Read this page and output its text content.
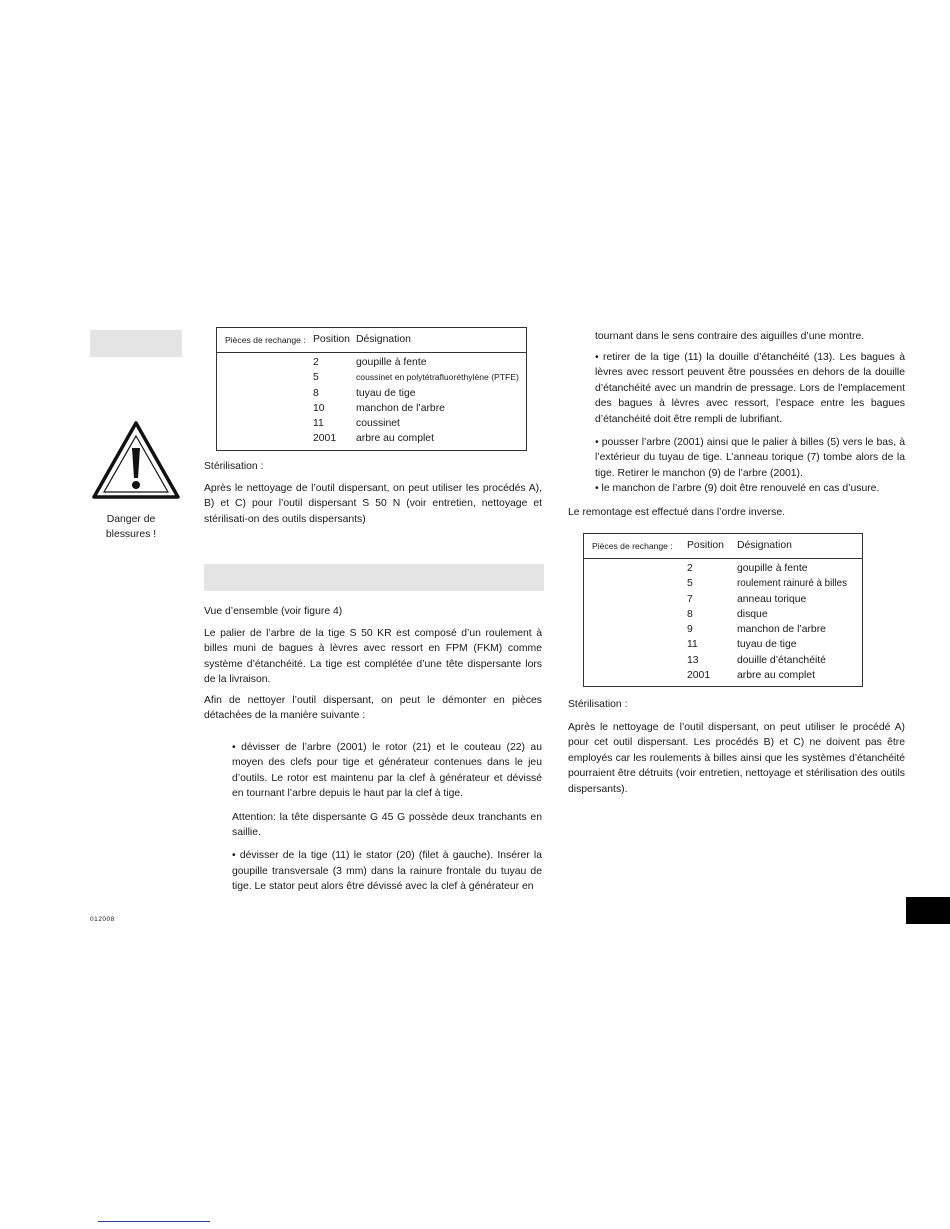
Danger de
blessures !
012008
Pièces de rechange : Position Désignation
2	goupille à fente
5	coussinet en polytétrafluoréthylène (PTFE)
8	tuyau de tige
10	manchon de l’arbre
11	coussinet
2001 arbre au complet

Stérilisation :

Après le nettoyage de l’outil dispersant, on peut utiliser les procédés A), B) et C) pour l’outil dispersant S 50 N (voir entretien, nettoyage et stérilisati-on des outils dispersants)

Vue d’ensemble (voir figure 4)

Le palier de l’arbre de la tige S 50 KR est composé d’un roulement à billes muni de bagues à lèvres avec ressort en FPM (FKM) comme système d’étanchéité. La tige est complétée d’une tête dispersante lors de la livraison.

Afin de nettoyer l’outil dispersant, on peut le démonter en pièces détachées de la manière suivante :

• dévisser de l’arbre (2001) le rotor (21) et le couteau (22) au moyen des clefs pour tige et générateur contenues dans le jeu d’outils. Le rotor est maintenu par la clef à générateur et dévissé en tournant l’arbre depuis le haut par la clef à tige.

Attention: la tête dispersante G 45 G possède deux tranchants en saillie.

• dévisser de la tige (11) le stator (20) (filet à gauche). Insérer la goupille transversale (3 mm) dans la rainure frontale du tuyau de tige. Le stator peut alors être dévissé avec la clef à générateur en

tournant dans le sens contraire des aiguilles d’une montre.

• retirer de la tige (11) la douille d’étanchéité (13). Les bagues à lèvres avec ressort peuvent être poussées en dehors de la douille d’étanchéité avec un mandrin de pressage. Lors de l’emplacement des bagues à lèvres avec ressort, l’espace entre les bagues d’étanchéité doit être rempli de lubrifiant.

• pousser l’arbre (2001) ainsi que le palier à billes (5) vers le bas, à l’extérieur du tuyau de tige. L’anneau torique (7) tombe alors de la tige. Retirer le manchon (9) de l’arbre (2001).

• le manchon de l’arbre (9) doit être renouvelé en cas d’usure.

Le remontage est effectué dans l’ordre inverse.

Pièces de rechange : Position Désignation
2	goupille à fente
5	roulement rainuré à billes
7	anneau torique
8	disque
9	manchon de l’arbre
11	tuyau de tige
13	douille d’étanchéité
2001	arbre au complet

Stérilisation :

Après le nettoyage de l’outil dispersant, on peut utiliser le procédé A) pour cet outil dispersant. Les procédés B) et C) ne doivent pas être employés car les roulements à billes ainsi que les systèmes d’étanchéité pourraient être détruits (voir entretien, nettoyage et stérilisation des outils dispersants).
